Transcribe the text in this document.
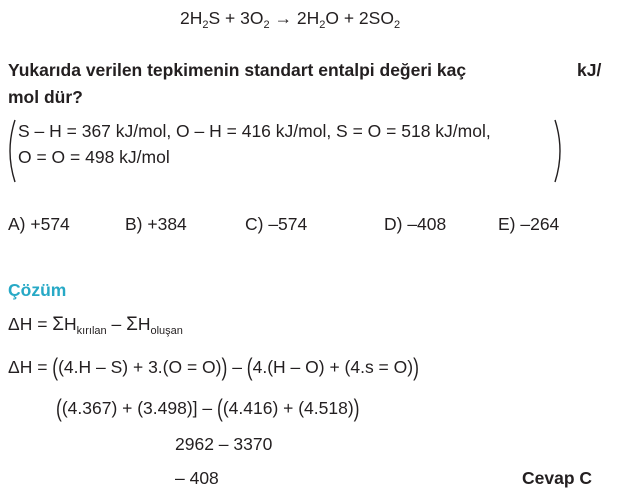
$2H_2S + 3O_2 \to 2H_2O + 2SO_2$
Yukarıda verilen tepkimenin standart entalpi değeri kaç	kJ/
mol dür?
S – H = 367 kJ/mol, O – H = 416 kJ/mol, S = O = 518 kJ/mol,
O = O = 498 kJ/mol
A) +574	B) +384	C) –574	D) –408	E) –264
Çözüm
$\Delta H = \Sigma H_{kırılan} - \Sigma H_{oluşan}$
ΔH = ((4.H – S) + 3.(O = O)) – (4.(H – O) + (4.s = O))
((4.367) + (3.498)] – ((4.416) + (4.518))
2962 – 3370
– 408	Cevap C
